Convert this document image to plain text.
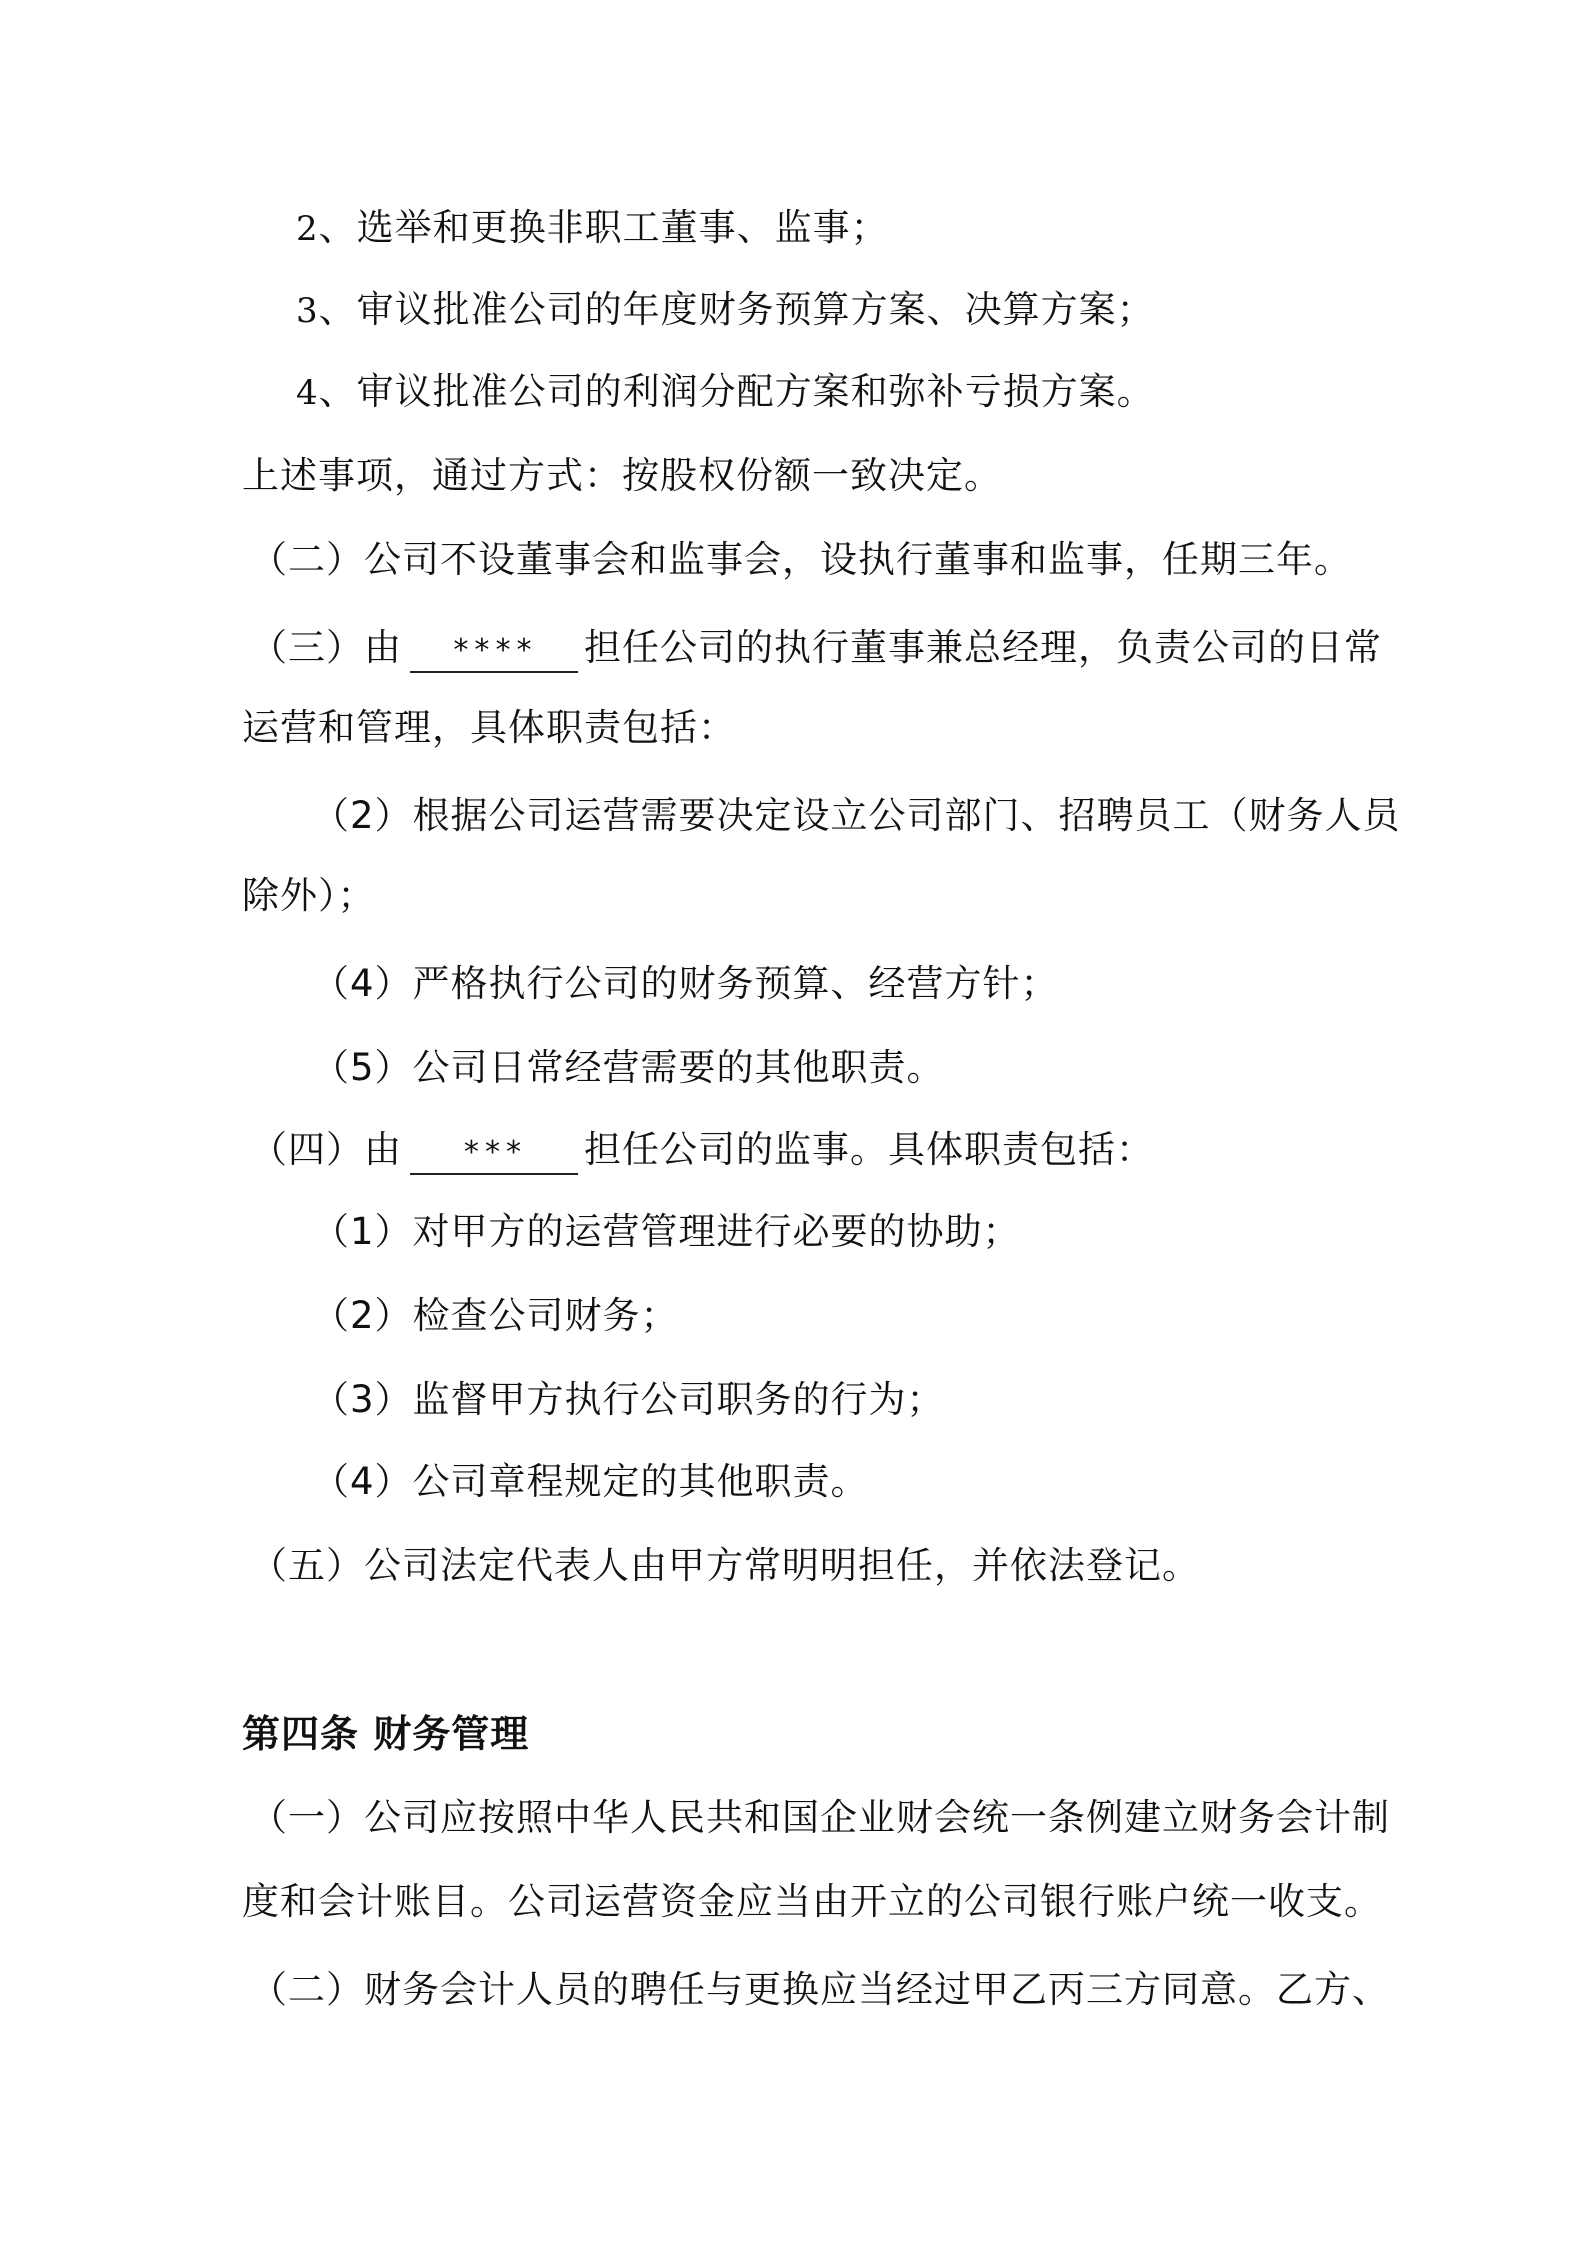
2、选举和更换非职工董事、监事；
3、审议批准公司的年度财务预算方案、决算方案；
4、审议批准公司的利润分配方案和弥补亏损方案。
上述事项，通过方式：按股权份额一致决定。
（二）公司不设董事会和监事会，设执行董事和监事，任期三年。
（三）由 **** 担任公司的执行董事兼总经理，负责公司的日常
运营和管理，具体职责包括：
（2）根据公司运营需要决定设立公司部门、招聘员工（财务人员
除外）；
（4）严格执行公司的财务预算、经营方针；
（5）公司日常经营需要的其他职责。
（四）由 *** 担任公司的监事。具体职责包括：
（1）对甲方的运营管理进行必要的协助；
（2）检查公司财务；
（3）监督甲方执行公司职务的行为；
（4）公司章程规定的其他职责。
（五）公司法定代表人由甲方常明明担任，并依法登记。
第四条 财务管理
（一）公司应按照中华人民共和国企业财会统一条例建立财务会计制
度和会计账目。公司运营资金应当由开立的公司银行账户统一收支。
（二）财务会计人员的聘任与更换应当经过甲乙丙三方同意。乙方、
